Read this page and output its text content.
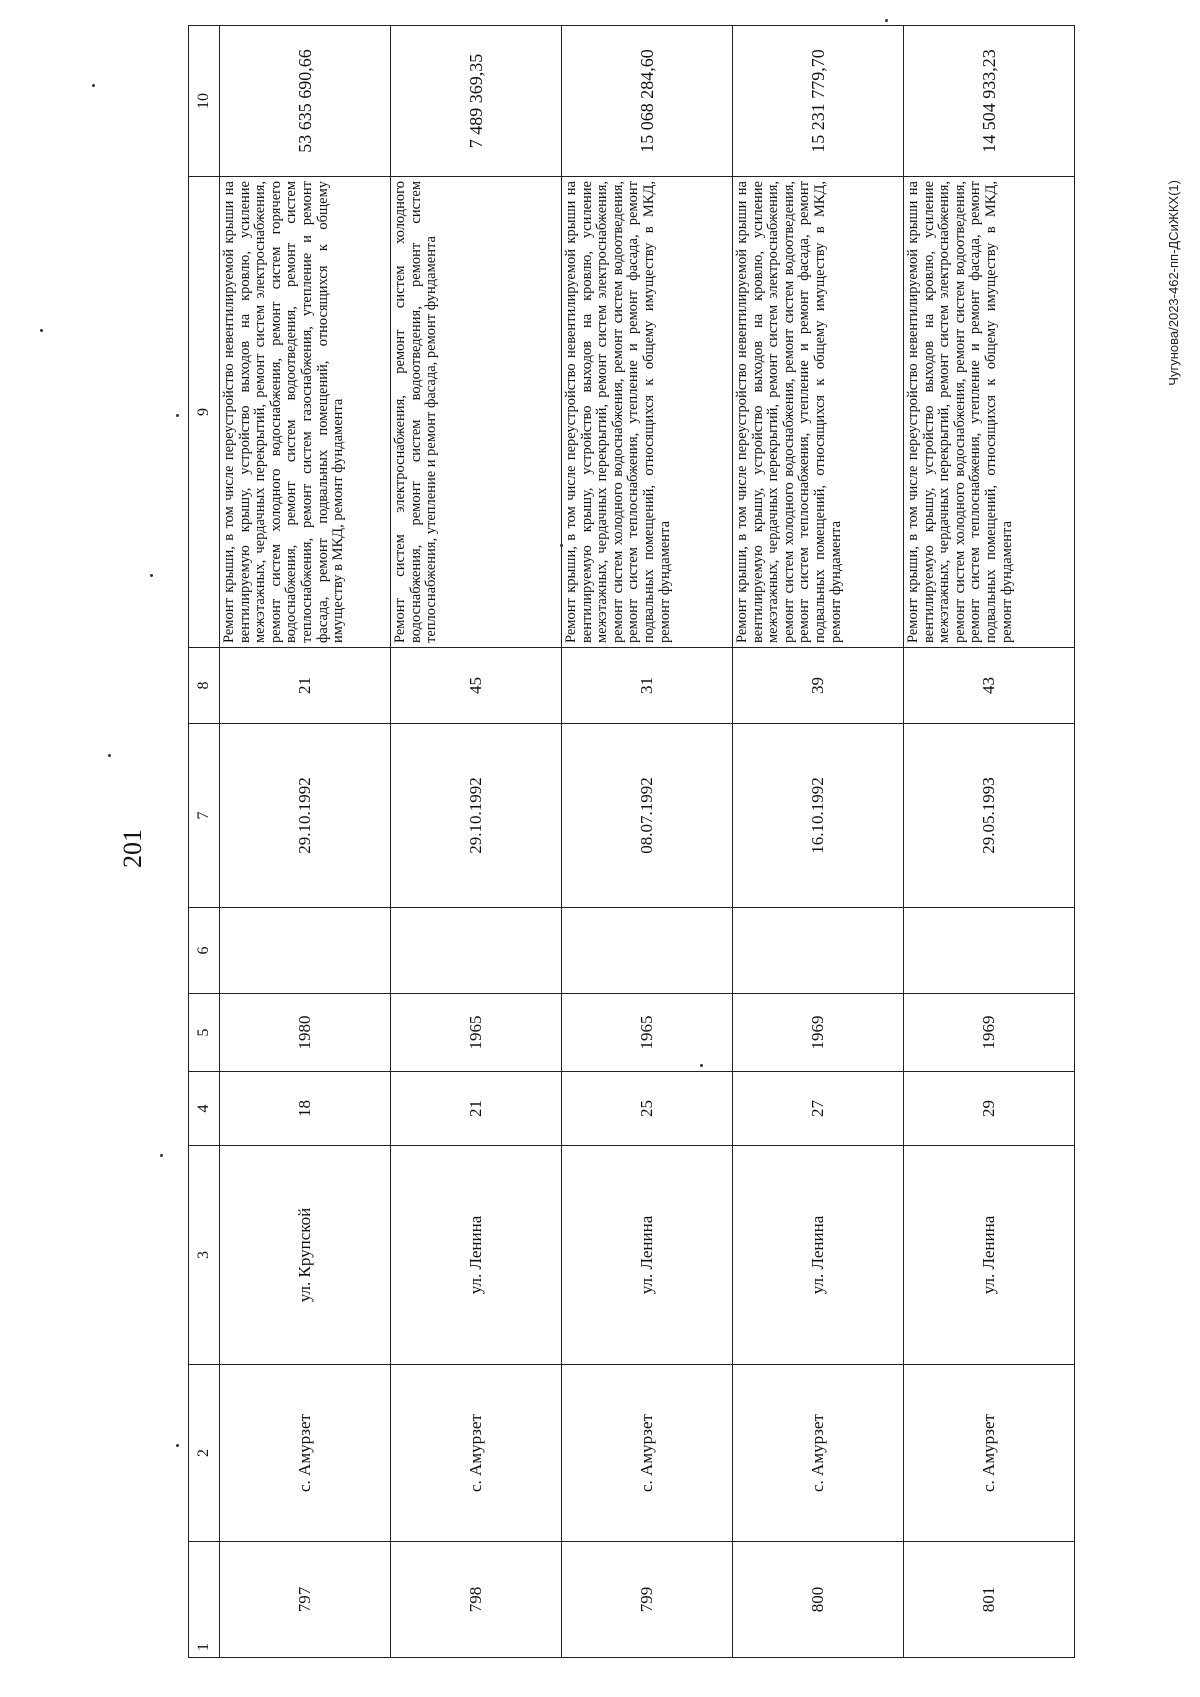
201
1	2	3	4	5	6	7	8	9	10
797	с. Амурзет	ул. Крупской	18	1980		29.10.1992	21	Ремонт крыши, в том числе переустройство невентилируемой крыши на вентилируемую крышу, устройство выходов на кровлю, усиление межэтажных, чердачных перекрытий, ремонт систем электроснабжения, ремонт систем холодного водоснабжения, ремонт систем горячего водоснабжения, ремонт систем водоотведения, ремонт систем теплоснабжения, ремонт систем газоснабжения, утепление и ремонт фасада, ремонт подвальных помещений, относящихся к общему имуществу в МКД, ремонт фундамента	53 635 690,66
798	с. Амурзет	ул. Ленина	21	1965		29.10.1992	45	Ремонт систем электроснабжения, ремонт систем холодного водоснабжения, ремонт систем водоотведения, ремонт систем теплоснабжения, утепление и ремонт фасада, ремонт фундамента	7 489 369,35
799	с. Амурзет	ул. Ленина	25	1965		08.07.1992	31	Ремонт крыши, в том числе переустройство невентилируемой крыши на вентилируемую крышу, устройство выходов на кровлю, усиление межэтажных, чердачных перекрытий, ремонт систем электроснабжения, ремонт систем холодного водоснабжения, ремонт систем водоотведения, ремонт систем теплоснабжения, утепление и ремонт фасада, ремонт подвальных помещений, относящихся к общему имуществу в МКД, ремонт фундамента	15 068 284,60
800	с. Амурзет	ул. Ленина	27	1969		16.10.1992	39	Ремонт крыши, в том числе переустройство невентилируемой крыши на вентилируемую крышу, устройство выходов на кровлю, усиление межэтажных, чердачных перекрытий, ремонт систем электроснабжения, ремонт систем холодного водоснабжения, ремонт систем водоотведения, ремонт систем теплоснабжения, утепление и ремонт фасада, ремонт подвальных помещений, относящихся к общему имуществу в МКД, ремонт фундамента	15 231 779,70
801	с. Амурзет	ул. Ленина	29	1969		29.05.1993	43	Ремонт крыши, в том числе переустройство невентилируемой крыши на вентилируемую крышу, устройство выходов на кровлю, усиление межэтажных, чердачных перекрытий, ремонт систем электроснабжения, ремонт систем холодного водоснабжения, ремонт систем водоотведения, ремонт систем теплоснабжения, утепление и ремонт фасада, ремонт подвальных помещений, относящихся к общему имуществу в МКД, ремонт фундамента	14 504 933,23
Чугунова/2023-462-пп-ДСиЖКХ(1)
